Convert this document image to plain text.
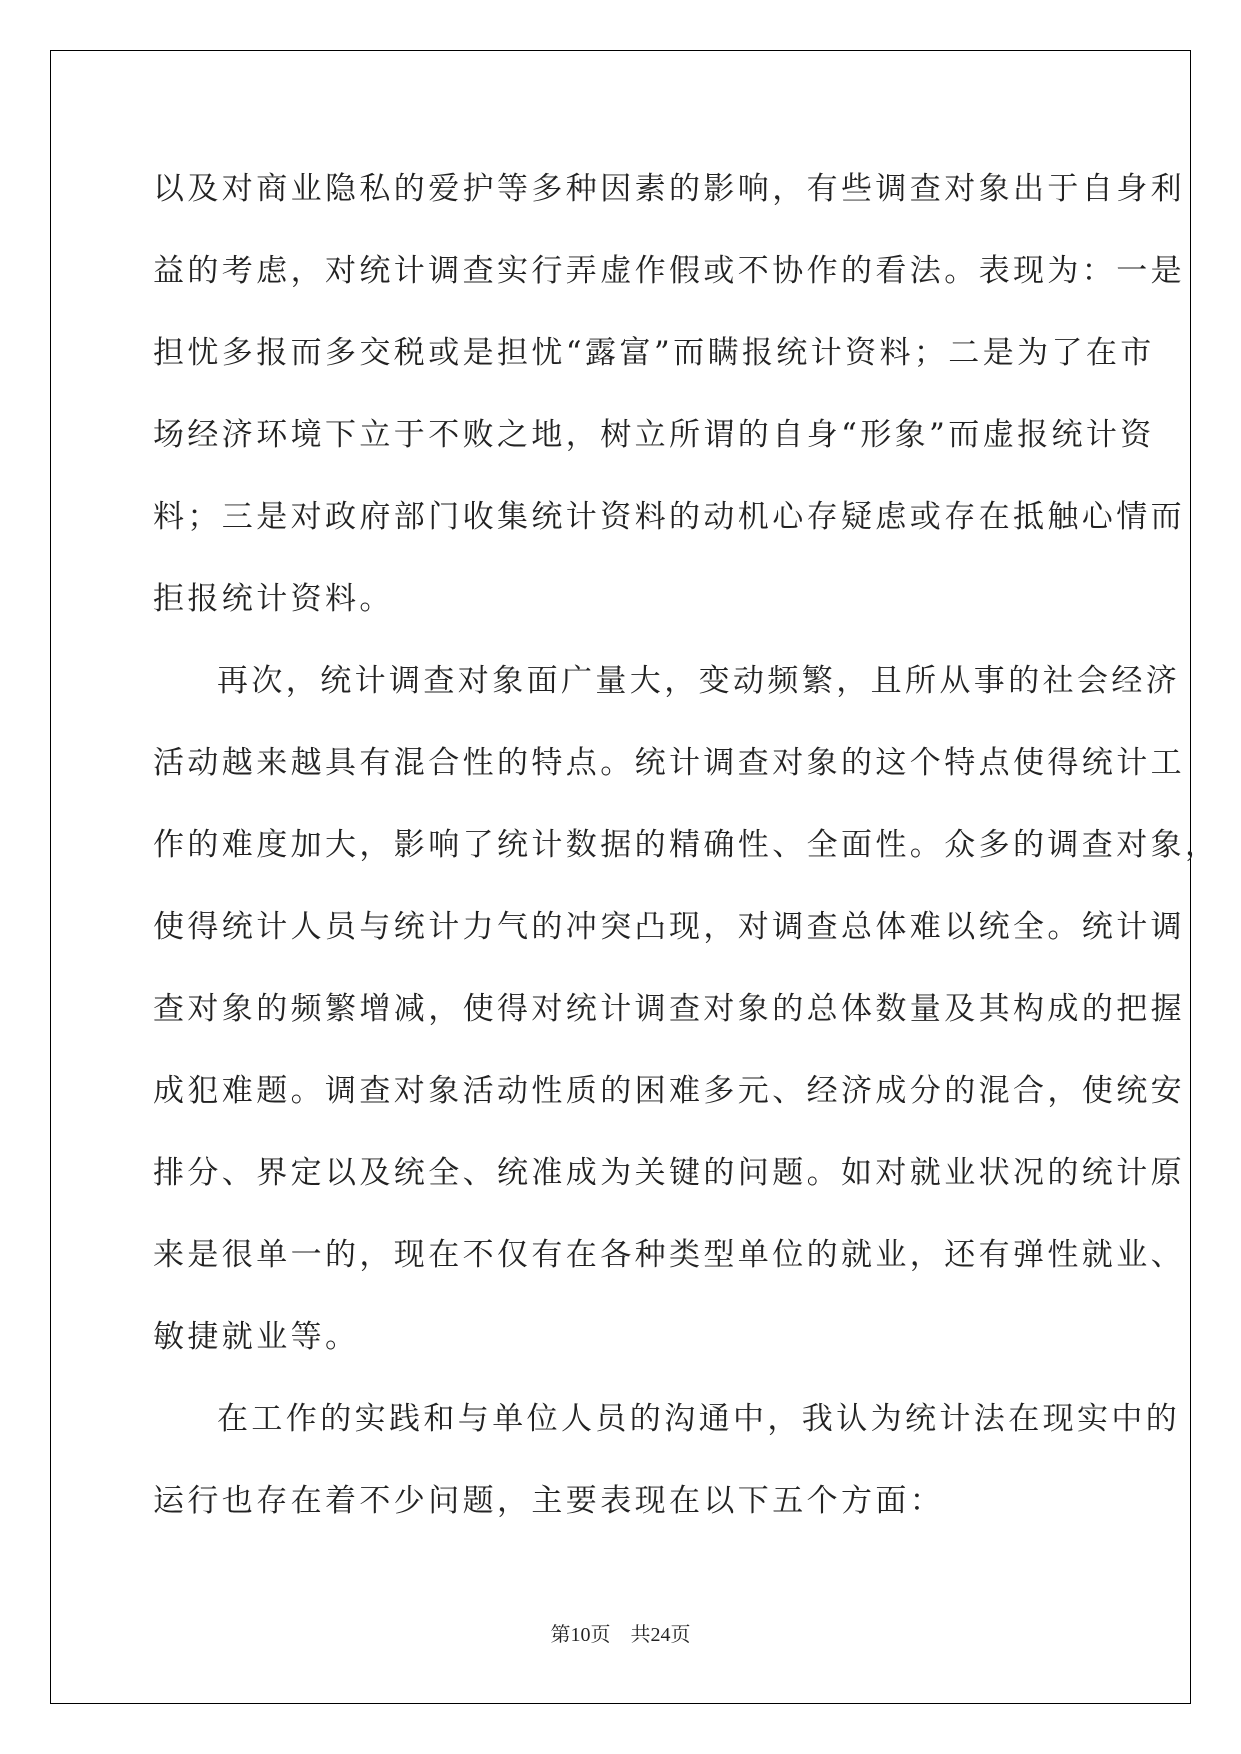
以及对商业隐私的爱护等多种因素的影响，有些调查对象出于自身利
益的考虑，对统计调查实行弄虚作假或不协作的看法。表现为：一是
担忧多报而多交税或是担忧“露富”而瞒报统计资料；二是为了在市
场经济环境下立于不败之地，树立所谓的自身“形象”而虚报统计资
料；三是对政府部门收集统计资料的动机心存疑虑或存在抵触心情而
拒报统计资料。
再次，统计调查对象面广量大，变动频繁，且所从事的社会经济
活动越来越具有混合性的特点。统计调查对象的这个特点使得统计工
作的难度加大，影响了统计数据的精确性、全面性。众多的调查对象，
使得统计人员与统计力气的冲突凸现，对调查总体难以统全。统计调
查对象的频繁增减，使得对统计调查对象的总体数量及其构成的把握
成犯难题。调查对象活动性质的困难多元、经济成分的混合，使统安
排分、界定以及统全、统准成为关键的问题。如对就业状况的统计原
来是很单一的，现在不仅有在各种类型单位的就业，还有弹性就业、
敏捷就业等。
在工作的实践和与单位人员的沟通中，我认为统计法在现实中的
运行也存在着不少问题，主要表现在以下五个方面：
第10页 共24页
